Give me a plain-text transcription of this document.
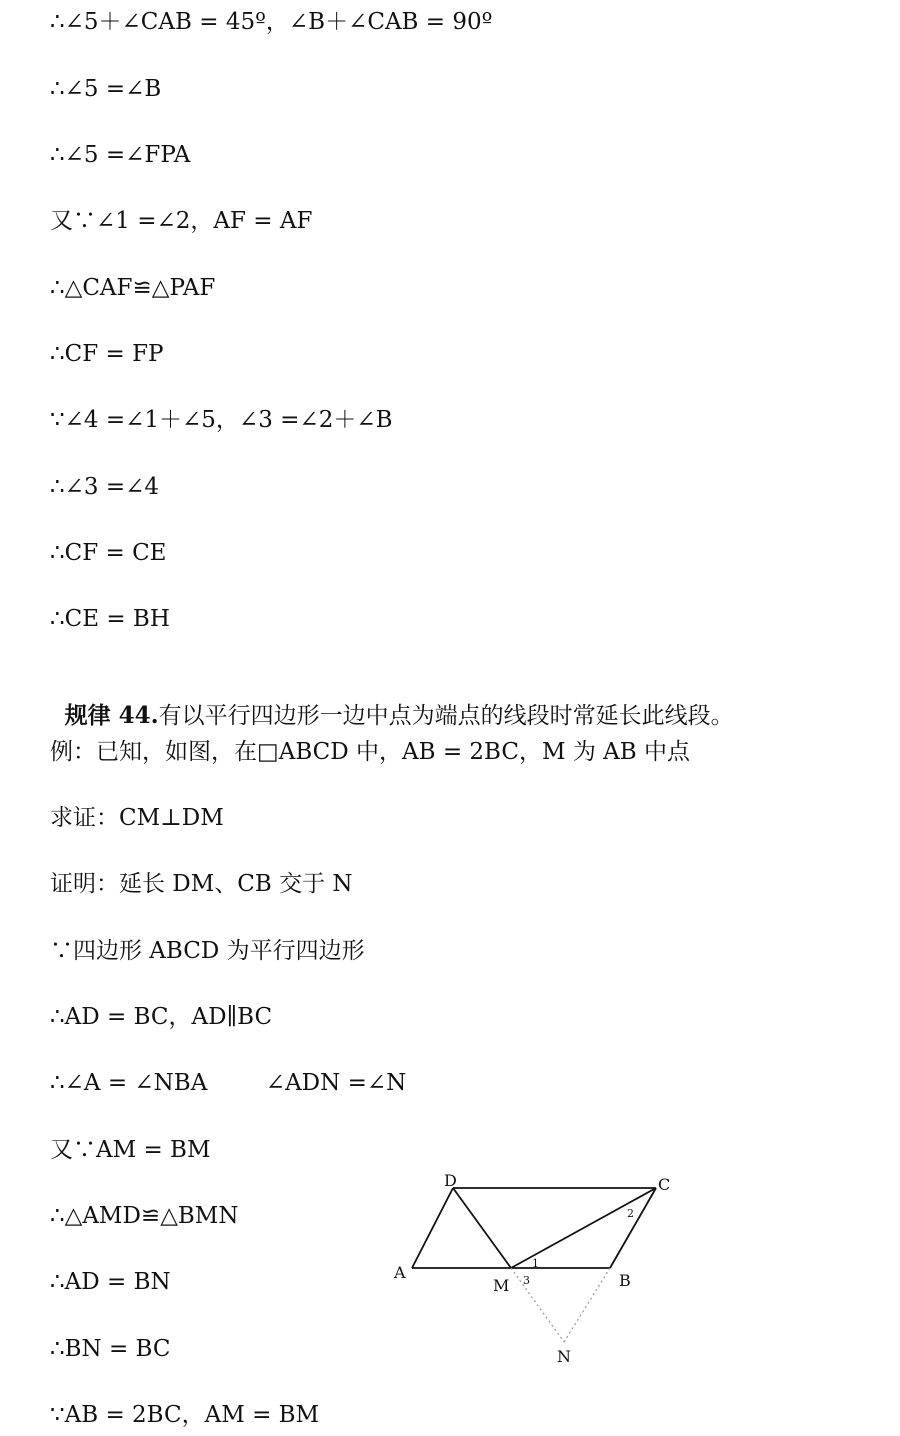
∴∠5＋∠CAB = 45º，∠B＋∠CAB = 90º
∴∠5 =∠B
∴∠5 =∠FPA
又∵∠1 =∠2，AF = AF
∴△CAF≌△PAF
∴CF = FP
∵∠4 =∠1＋∠5，∠3 =∠2＋∠B
∴∠3 =∠4
∴CF = CE
∴CE = BH

规律 44.有以平行四边形一边中点为端点的线段时常延长此线段。

例：已知，如图，在□ABCD 中，AB = 2BC，M 为 AB 中点
求证：CM⊥DM
证明：延长 DM、CB 交于 N
∵四边形 ABCD 为平行四边形
∴AD = BC，AD∥BC
∴∠A = ∠NBA        ∠ADN =∠N
又∵AM = BM
∴△AMD≌△BMN
∴AD = BN
∴BN = BC
∵AB = 2BC，AM = BM
A
D	C
B
M
N
1
2
3
